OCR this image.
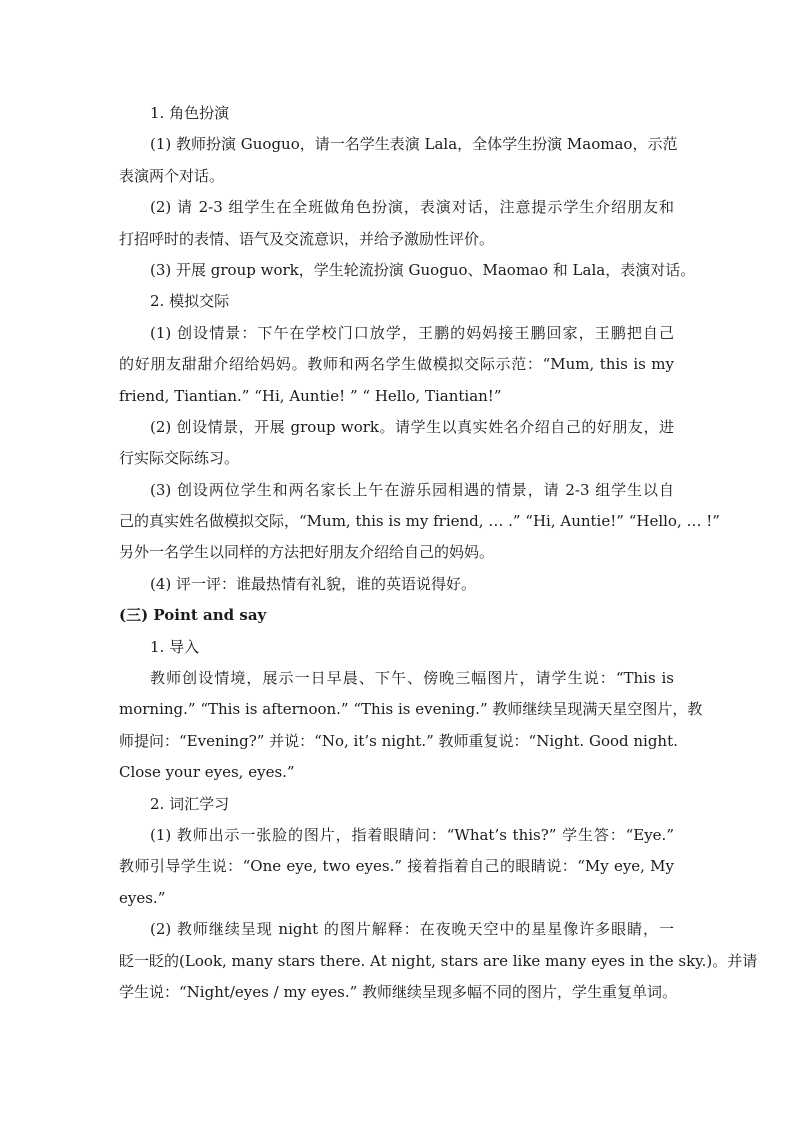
1. 角色扮演
(1) 教师扮演 Guoguo，请一名学生表演 Lala，全体学生扮演 Maomao，示范
表演两个对话。
(2) 请 2-3 组学生在全班做角色扮演，表演对话，注意提示学生介绍朋友和
打招呼时的表情、语气及交流意识，并给予激励性评价。
(3) 开展 group work，学生轮流扮演 Guoguo、Maomao 和 Lala，表演对话。
2. 模拟交际
(1) 创设情景：下午在学校门口放学，王鹏的妈妈接王鹏回家，王鹏把自己
的好朋友甜甜介绍给妈妈。教师和两名学生做模拟交际示范：“Mum, this is my
friend, Tiantian.” “Hi, Auntie! ” “ Hello, Tiantian!”
(2) 创设情景，开展 group work。请学生以真实姓名介绍自己的好朋友，进
行实际交际练习。
(3) 创设两位学生和两名家长上午在游乐园相遇的情景，请 2-3 组学生以自
己的真实姓名做模拟交际，“Mum, this is my friend, … .” “Hi, Auntie!” “Hello, … !”
另外一名学生以同样的方法把好朋友介绍给自己的妈妈。
(4) 评一评：谁最热情有礼貌，谁的英语说得好。
(三) Point and say
1. 导入
教师创设情境，展示一日早晨、下午、傍晚三幅图片，请学生说：“This is
morning.” “This is afternoon.” “This is evening.” 教师继续呈现满天星空图片，教
师提问：“Evening?” 并说：“No, it’s night.” 教师重复说：“Night. Good night.
Close your eyes, eyes.”
2. 词汇学习
(1) 教师出示一张脸的图片，指着眼睛问：“What’s this?” 学生答：“Eye.”
教师引导学生说：“One eye, two eyes.” 接着指着自己的眼睛说：“My eye, My
eyes.”
(2) 教师继续呈现 night 的图片解释：在夜晚天空中的星星像许多眼睛，一
眨一眨的(Look, many stars there. At night, stars are like many eyes in the sky.)。并请
学生说：“Night/eyes / my eyes.” 教师继续呈现多幅不同的图片，学生重复单词。
